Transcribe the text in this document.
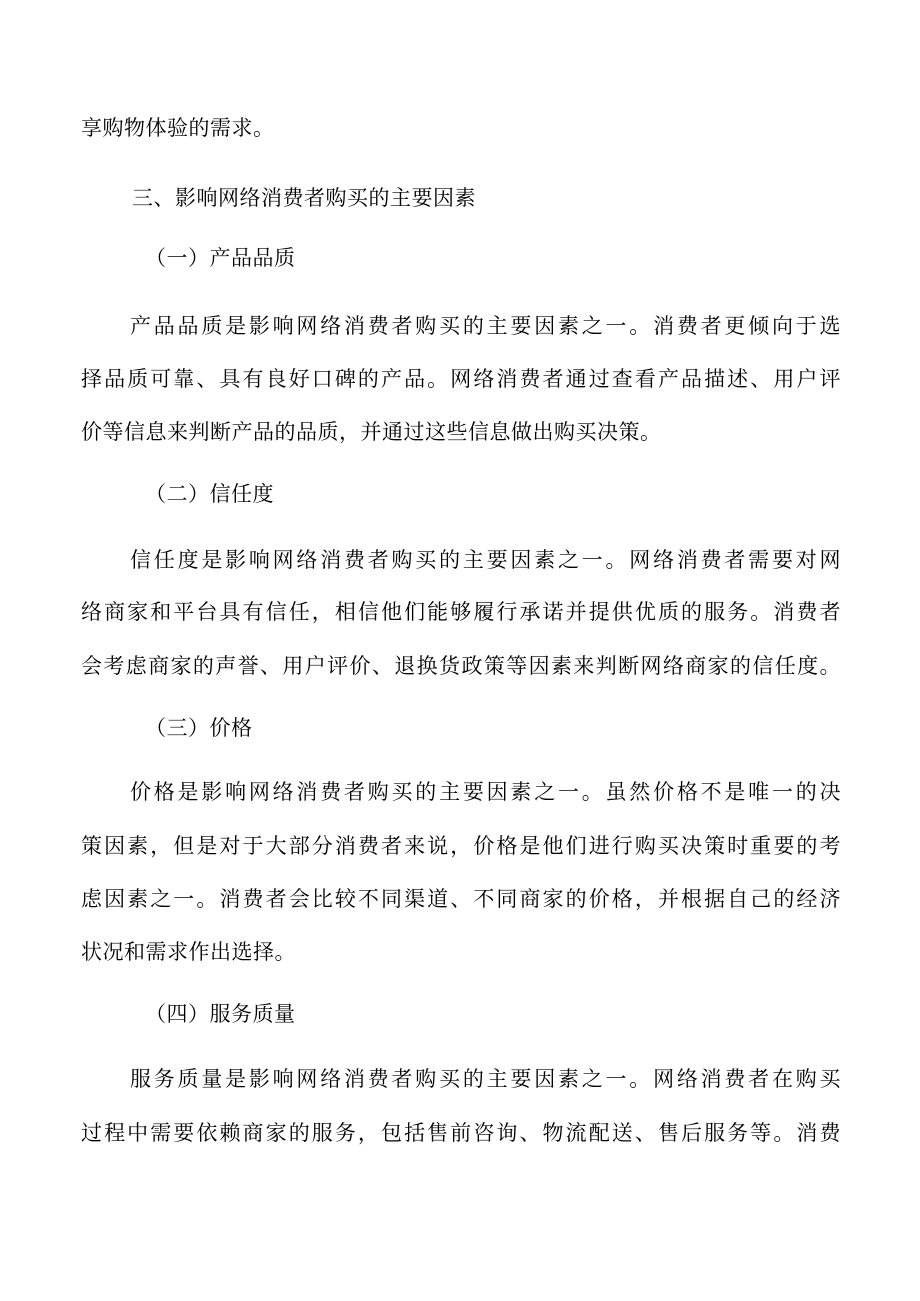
享购物体验的需求。
三、影响网络消费者购买的主要因素
（一）产品品质
产品品质是影响网络消费者购买的主要因素之一。消费者更倾向于选
择品质可靠、具有良好口碑的产品。网络消费者通过查看产品描述、用户评
价等信息来判断产品的品质，并通过这些信息做出购买决策。
（二）信任度
信任度是影响网络消费者购买的主要因素之一。网络消费者需要对网
络商家和平台具有信任，相信他们能够履行承诺并提供优质的服务。消费者
会考虑商家的声誉、用户评价、退换货政策等因素来判断网络商家的信任度。
（三）价格
价格是影响网络消费者购买的主要因素之一。虽然价格不是唯一的决
策因素，但是对于大部分消费者来说，价格是他们进行购买决策时重要的考
虑因素之一。消费者会比较不同渠道、不同商家的价格，并根据自己的经济
状况和需求作出选择。
（四）服务质量
服务质量是影响网络消费者购买的主要因素之一。网络消费者在购买
过程中需要依赖商家的服务，包括售前咨询、物流配送、售后服务等。消费
